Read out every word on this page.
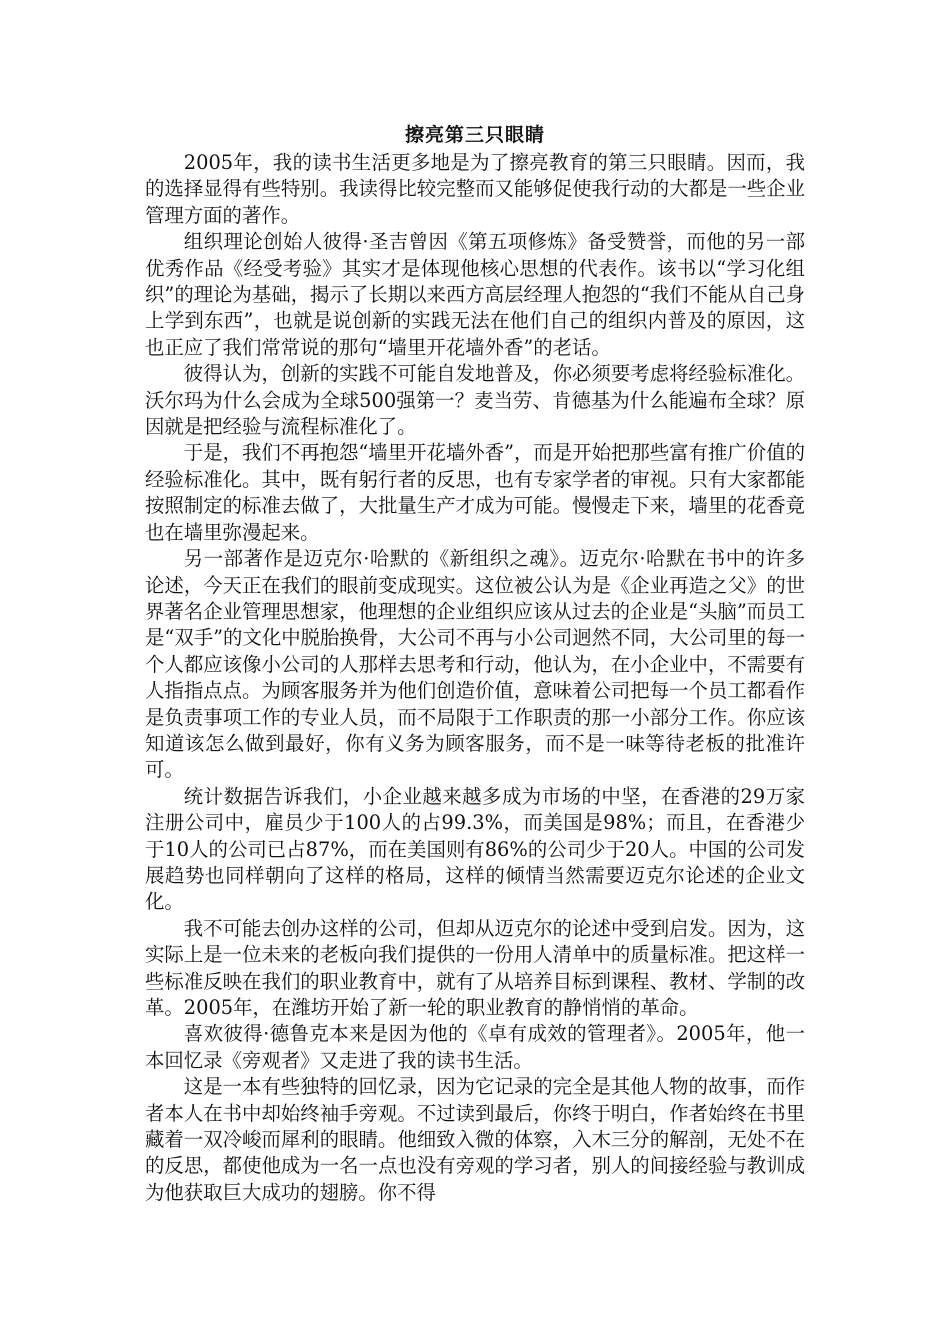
擦亮第三只眼睛

2005年，我的读书生活更多地是为了擦亮教育的第三只眼睛。因而，我的选择显得有些特别。我读得比较完整而又能够促使我行动的大都是一些企业管理方面的著作。

组织理论创始人彼得·圣吉曾因《第五项修炼》备受赞誉，而他的另一部优秀作品《经受考验》其实才是体现他核心思想的代表作。该书以“学习化组织”的理论为基础，揭示了长期以来西方高层经理人抱怨的“我们不能从自己身上学到东西”，也就是说创新的实践无法在他们自己的组织内普及的原因，这也正应了我们常常说的那句“墙里开花墙外香”的老话。

彼得认为，创新的实践不可能自发地普及，你必须要考虑将经验标准化。沃尔玛为什么会成为全球500强第一？麦当劳、肯德基为什么能遍布全球？原因就是把经验与流程标准化了。

于是，我们不再抱怨“墙里开花墙外香”，而是开始把那些富有推广价值的经验标准化。其中，既有躬行者的反思，也有专家学者的审视。只有大家都能按照制定的标准去做了，大批量生产才成为可能。慢慢走下来，墙里的花香竟也在墙里弥漫起来。

另一部著作是迈克尔·哈默的《新组织之魂》。迈克尔·哈默在书中的许多论述，今天正在我们的眼前变成现实。这位被公认为是《企业再造之父》的世界著名企业管理思想家，他理想的企业组织应该从过去的企业是“头脑”而员工是“双手”的文化中脱胎换骨，大公司不再与小公司迥然不同，大公司里的每一个人都应该像小公司的人那样去思考和行动，他认为，在小企业中，不需要有人指指点点。为顾客服务并为他们创造价值，意味着公司把每一个员工都看作是负责事项工作的专业人员，而不局限于工作职责的那一小部分工作。你应该知道该怎么做到最好，你有义务为顾客服务，而不是一味等待老板的批准许可。

统计数据告诉我们，小企业越来越多成为市场的中坚，在香港的29万家注册公司中，雇员少于100人的占99.3%，而美国是98%；而且，在香港少于10人的公司已占87%，而在美国则有86%的公司少于20人。中国的公司发展趋势也同样朝向了这样的格局，这样的倾情当然需要迈克尔论述的企业文化。

我不可能去创办这样的公司，但却从迈克尔的论述中受到启发。因为，这实际上是一位未来的老板向我们提供的一份用人清单中的质量标准。把这样一些标准反映在我们的职业教育中，就有了从培养目标到课程、教材、学制的改革。2005年，在潍坊开始了新一轮的职业教育的静悄悄的革命。

喜欢彼得·德鲁克本来是因为他的《卓有成效的管理者》。2005年，他一本回忆录《旁观者》又走进了我的读书生活。

这是一本有些独特的回忆录，因为它记录的完全是其他人物的故事，而作者本人在书中却始终袖手旁观。不过读到最后，你终于明白，作者始终在书里藏着一双冷峻而犀利的眼睛。他细致入微的体察，入木三分的解剖，无处不在的反思，都使他成为一名一点也没有旁观的学习者，别人的间接经验与教训成为他获取巨大成功的翅膀。你不得
